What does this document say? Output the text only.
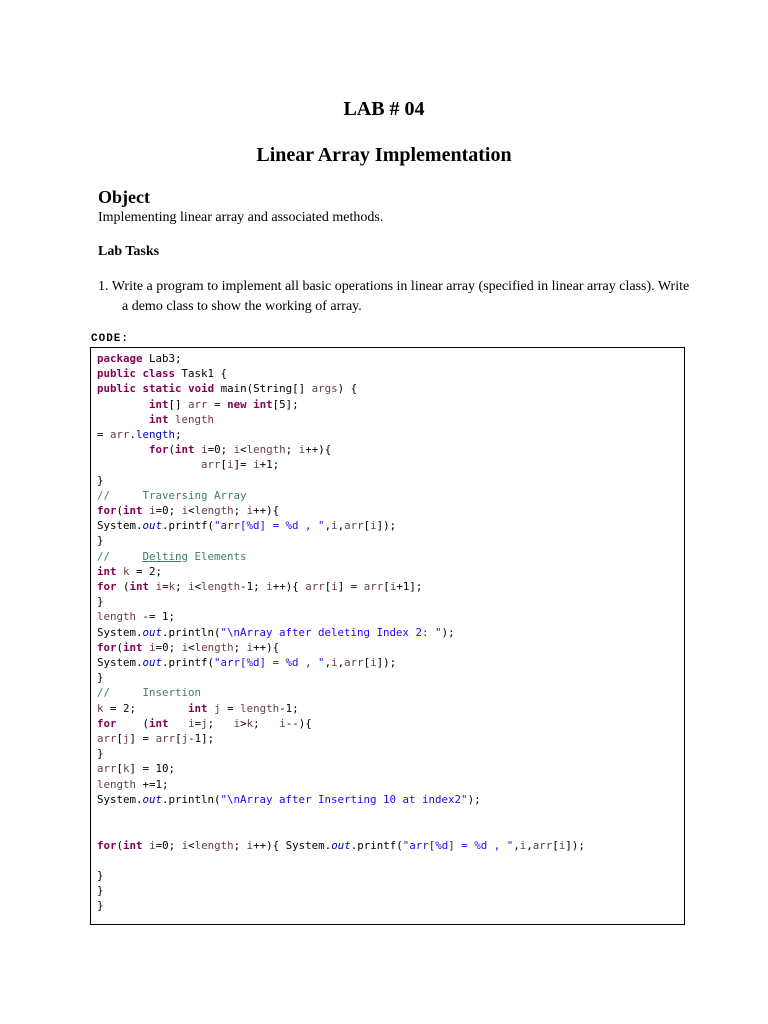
LAB # 04
Linear Array Implementation
Object
Implementing linear array and associated methods.
Lab Tasks
1. Write a program to implement all basic operations in linear array (specified in linear array class). Write a demo class to show the working of array.
CODE:
package Lab3;
public class Task1 {
public static void main(String[] args) {
int[] arr = new int[5];
int length
= arr.length;
for(int i=0; i<length; i++){
arr[i]= i+1;
}
//     Traversing Array
for(int i=0; i<length; i++){
System.out.printf("arr[%d] = %d , ",i,arr[i]);
}
//     Delting Elements
int k = 2;
for (int i=k; i<length-1; i++){ arr[i] = arr[i+1];
}
length -= 1;
System.out.println("\nArray after deleting Index 2: ");
for(int i=0; i<length; i++){
System.out.printf("arr[%d] = %d , ",i,arr[i]);
}
//     Insertion
k = 2;        int j = length-1;
for    (int i=j;   i>k;   i--){
arr[j] = arr[j-1];
}
arr[k] = 10;
length +=1;
System.out.println("\nArray after Inserting 10 at index2");

for(int i=0; i<length; i++){ System.out.printf("arr[%d] = %d , ",i,arr[i]);

}
}
}
